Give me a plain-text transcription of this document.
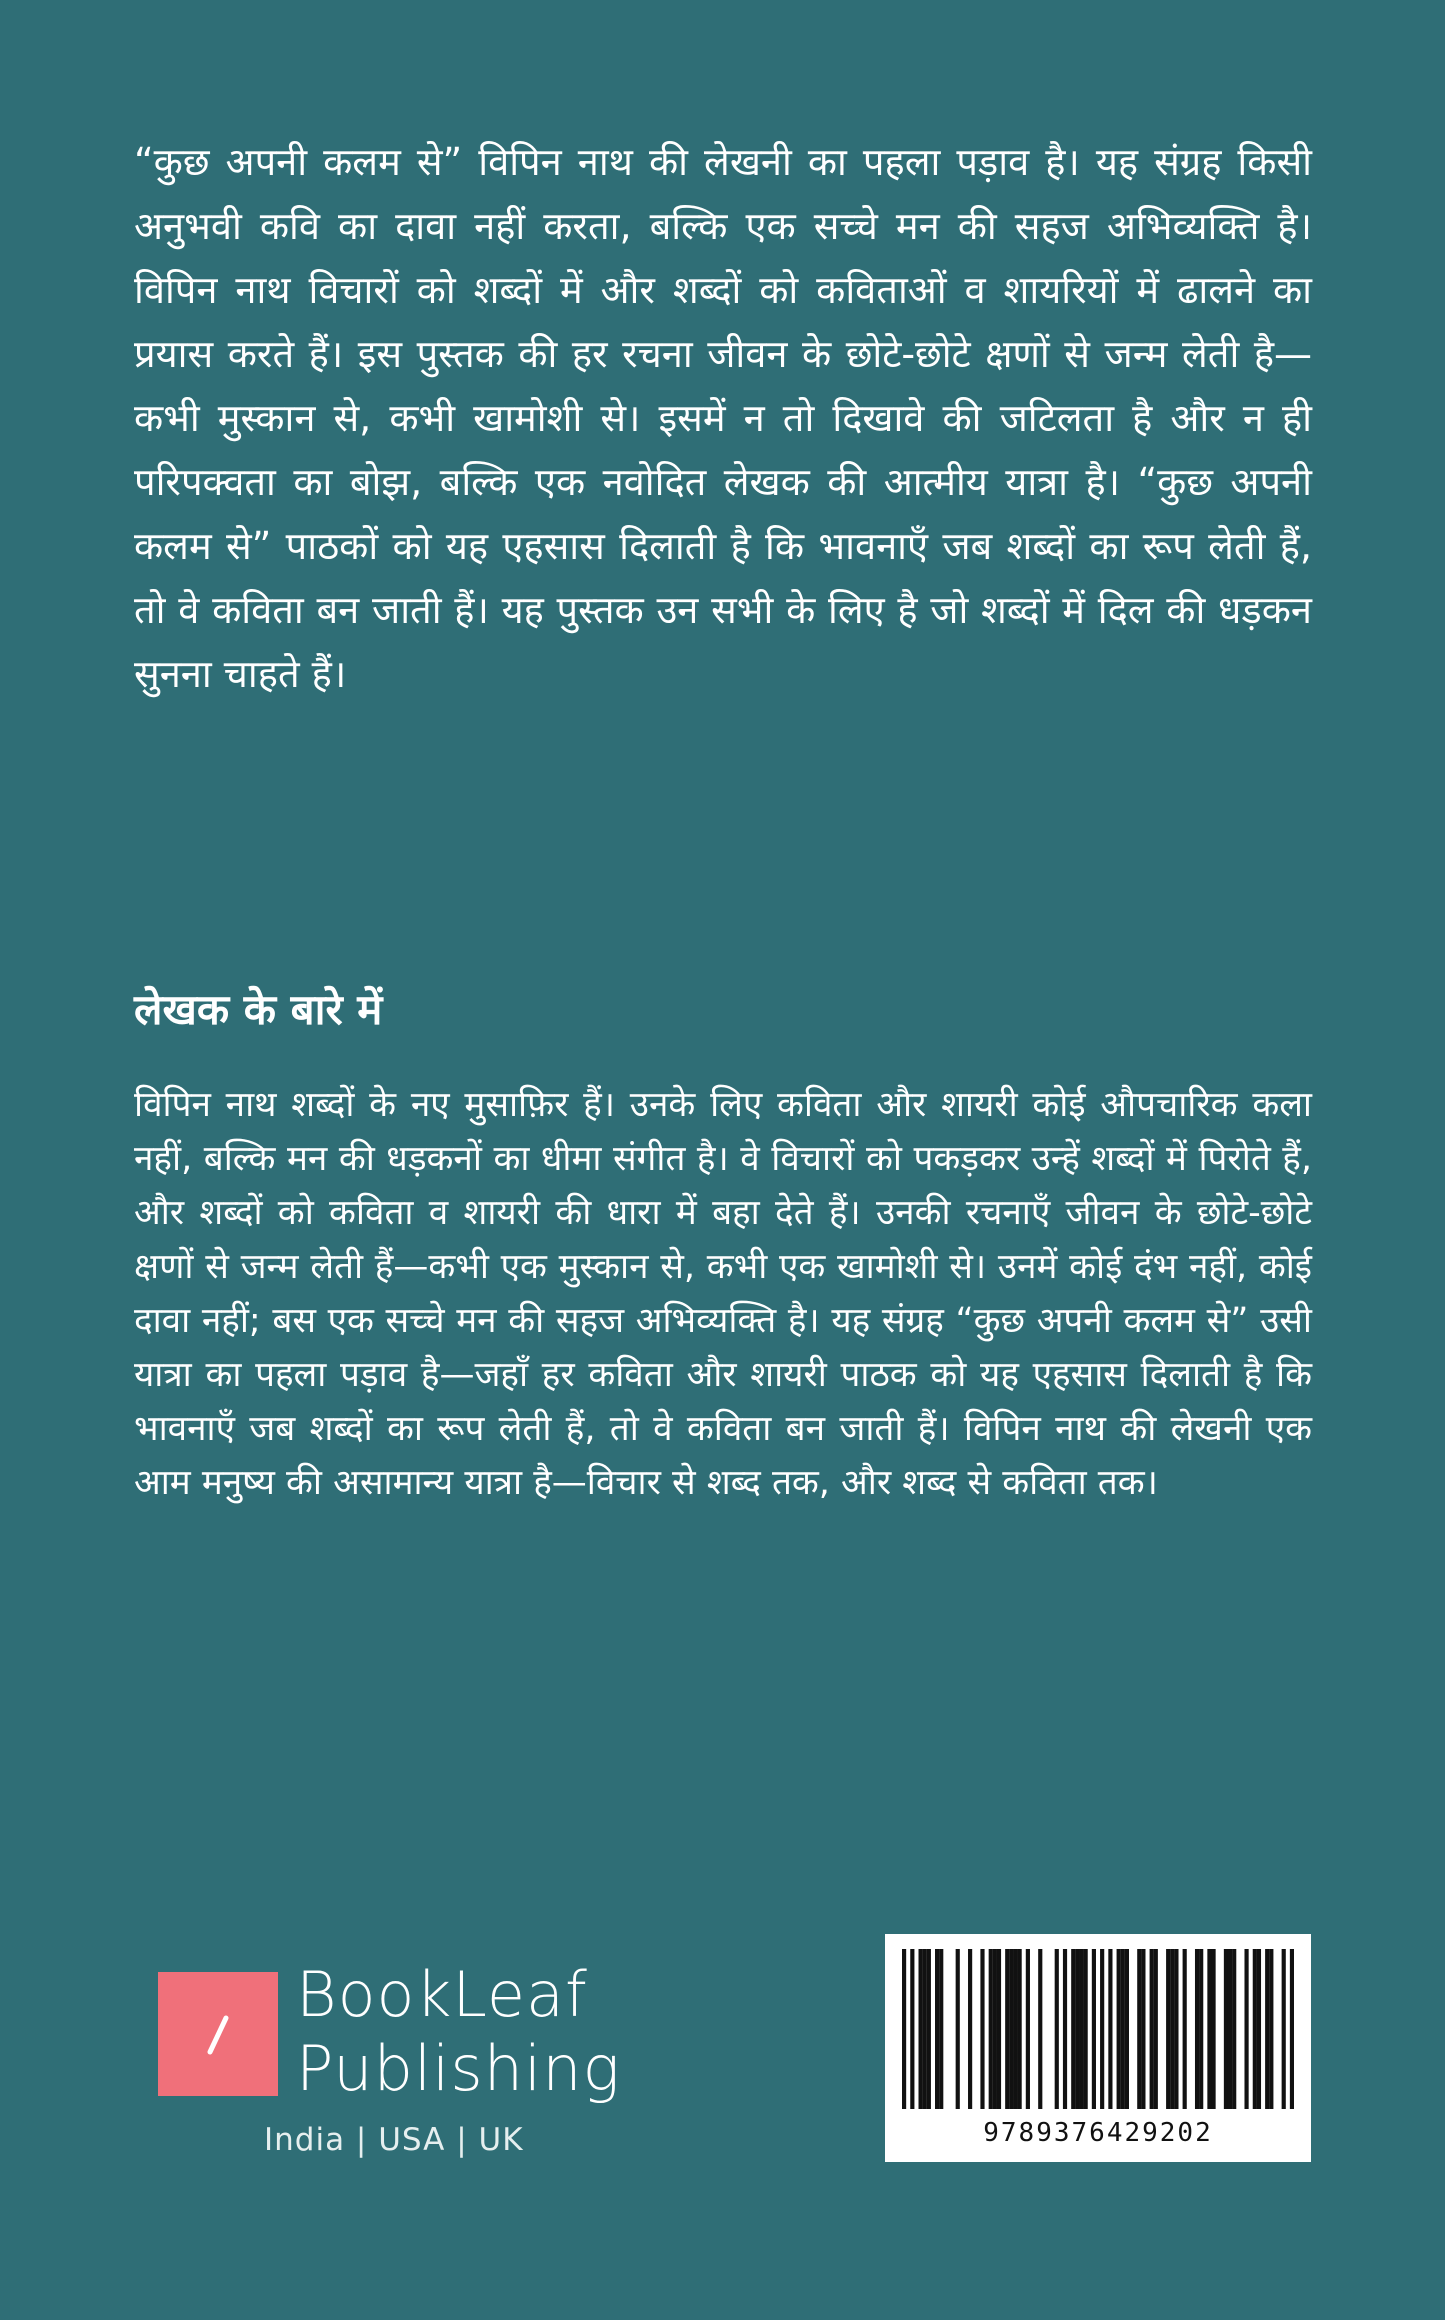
“कुछ अपनी कलम से” विपिन नाथ की लेखनी का पहला पड़ाव है। यह संग्रह किसी अनुभवी कवि का दावा नहीं करता, बल्कि एक सच्चे मन की सहज अभिव्यक्ति है। विपिन नाथ विचारों को शब्दों में और शब्दों को कविताओं व शायरियों में ढालने का प्रयास करते हैं। इस पुस्तक की हर रचना जीवन के छोटे-छोटे क्षणों से जन्म लेती है—कभी मुस्कान से, कभी खामोशी से। इसमें न तो दिखावे की जटिलता है और न ही परिपक्वता का बोझ, बल्कि एक नवोदित लेखक की आत्मीय यात्रा है। “कुछ अपनी कलम से” पाठकों को यह एहसास दिलाती है कि भावनाएँ जब शब्दों का रूप लेती हैं, तो वे कविता बन जाती हैं। यह पुस्तक उन सभी के लिए है जो शब्दों में दिल की धड़कन सुनना चाहते हैं।

लेखक के बारे में

विपिन नाथ शब्दों के नए मुसाफ़िर हैं। उनके लिए कविता और शायरी कोई औपचारिक कला नहीं, बल्कि मन की धड़कनों का धीमा संगीत है। वे विचारों को पकड़कर उन्हें शब्दों में पिरोते हैं, और शब्दों को कविता व शायरी की धारा में बहा देते हैं। उनकी रचनाएँ जीवन के छोटे-छोटे क्षणों से जन्म लेती हैं—कभी एक मुस्कान से, कभी एक खामोशी से। उनमें कोई दंभ नहीं, कोई दावा नहीं; बस एक सच्चे मन की सहज अभिव्यक्ति है। यह संग्रह “कुछ अपनी कलम से” उसी यात्रा का पहला पड़ाव है—जहाँ हर कविता और शायरी पाठक को यह एहसास दिलाती है कि भावनाएँ जब शब्दों का रूप लेती हैं, तो वे कविता बन जाती हैं। विपिन नाथ की लेखनी एक आम मनुष्य की असामान्य यात्रा है—विचार से शब्द तक, और शब्द से कविता तक।

BookLeaf
Publishing
India | USA | UK	9789376429202
